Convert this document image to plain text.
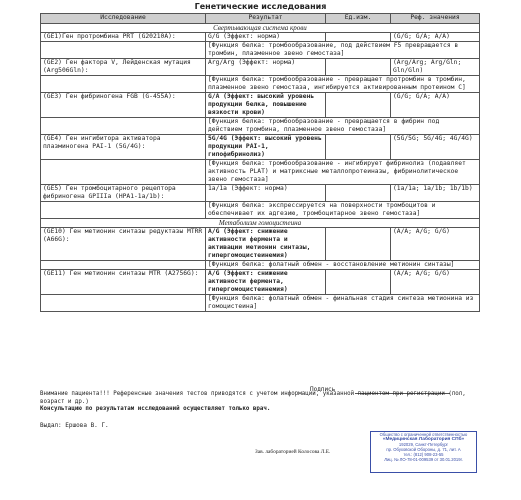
Генетические исследования
Исследование	Результат	Ед.изм.	Реф. значения
Свертывающая система крови			
(GE1)Ген протромбина PRT (G20210A):	G/G (Эффект: норма)		(G/G; G/A; A/A)
	[Функция белка: тромбообразование, под действием F5 превращается в тромбин, плазменное звено гемостаза]		
(GE2) Ген фактора V, Лейденская мутация (Arg506Gln):	Arg/Arg (Эффект: норма)		(Arg/Arg; Arg/Gln; Gln/Gln)
	[Функция белка: тромбообразование - превращает протромбин в тромбин, плазменное звено гемостаза, ингибируется активированным протеином C]		
(GE3) Ген фибриногена FGB (G-455A):	G/A (Эффект: высокий уровень продукции белка, повышение вязкости крови)		(G/G; G/A; A/A)
	[Функция белка: тромбообразование - превращается в фибрин под действием тромбина, плазменное звено гемостаза]		
(GE4) Ген ингибитора активатора плазминогена PAI-1 (5G/4G):	5G/4G (Эффект: высокий уровень продукции PAI-1, гипофибринолиз)		(5G/5G; 5G/4G; 4G/4G)
	[Функция белка: тромбообразование - ингибирует фибринолиз (подавляет активность PLAT) и матриксные металлопротеиназы, фибринолитическое звено гемостаза]		
(GE5) Ген тромбоцитарного рецептора фибриногена GPIIIa (HPA1-1a/1b):	1a/1a (Эффект: норма)		(1a/1a; 1a/1b; 1b/1b)
	[Функция белка: экспрессируется на поверхности тромбоцитов и обеспечивает их адгезию, тромбоцитарное звено гемостаза]		
Метаболизм гомоцистеина			
(GE10) Ген метионин синтазы редуктазы MTRR (A66G):	A/G (Эффект: снижение активности фермента и активации метионин синтазы, гипергомоцистеинемия)		(A/A; A/G; G/G)
	[Функция белка: фолатный обмен - восстановление метионин синтазы]		
(GE11) Ген метионин синтазы MTR (A2756G):	A/G (Эффект: снижение активности фермента, гипергомоцистеинемия)		(A/A; A/G; G/G)
	[Функция белка: фолатный обмен - финальная стадия синтеза метионина из гомоцистеина]		
Подпись
Внимание пациента!!! Референсные значения тестов приводятся с учетом информации, указанной пациентом при регистрации (пол, возраст и др.)
Консультацию по результатам исследований осуществляет только врач.
Выдал: Ершова В. Г.
Зав. лабораторией Колосова Л.Е.
Общество с ограниченной ответственностью
«Медицинская Лаборатория СПб»
192029, Санкт-Петербург
пр. Обуховской Обороны, д. 71, лит. А
тел.: (812) 908-23-55
Лиц. № ЛО-78-01-009539 от 30.01.2019г.
